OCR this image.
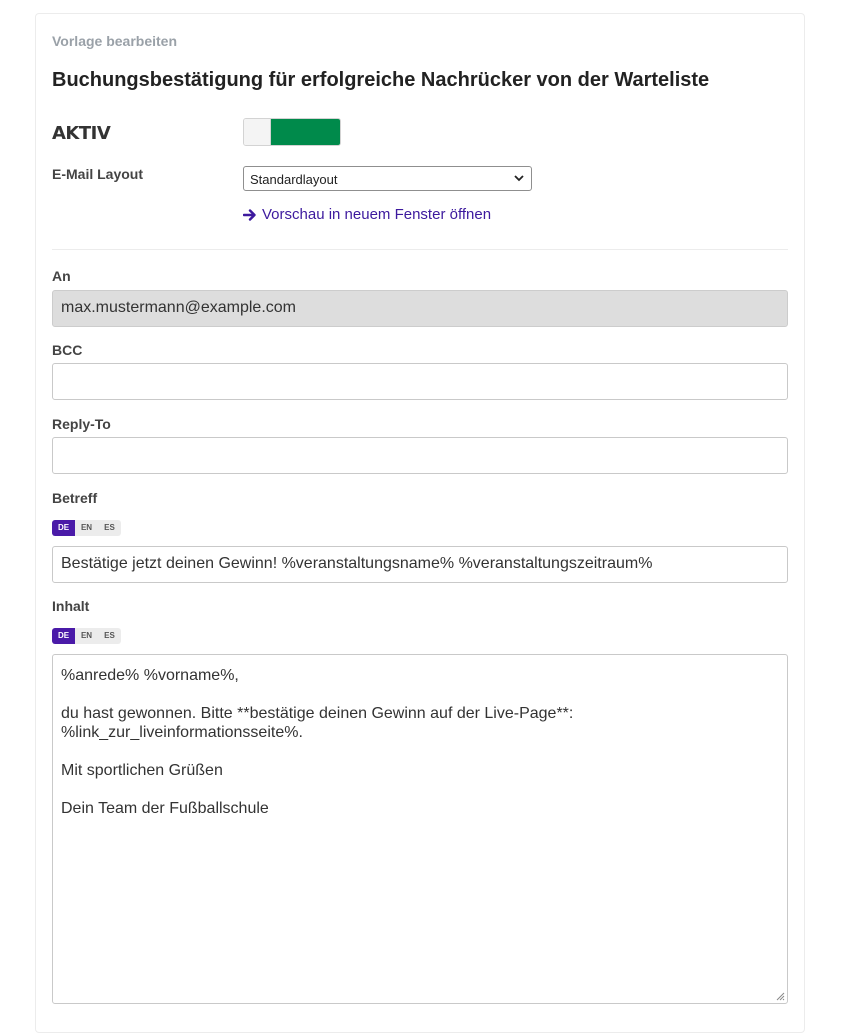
Vorlage bearbeiten
Buchungsbestätigung für erfolgreiche Nachrücker von der Warteliste
AKTIV
E-Mail Layout	Standardlayout
Vorschau in neuem Fenster öffnen
An
max.mustermann@example.com
BCC
Reply-To
Betreff
DE	EN	ES
Bestätige jetzt deinen Gewinn! %veranstaltungsname% %veranstaltungszeitraum%
Inhalt
DE	EN	ES

%anrede% %vorname%,

du hast gewonnen. Bitte **bestätige deinen Gewinn auf der Live-Page**:

%link_zur_liveinformationsseite%.

Mit sportlichen Grüßen

Dein Team der Fußballschule
